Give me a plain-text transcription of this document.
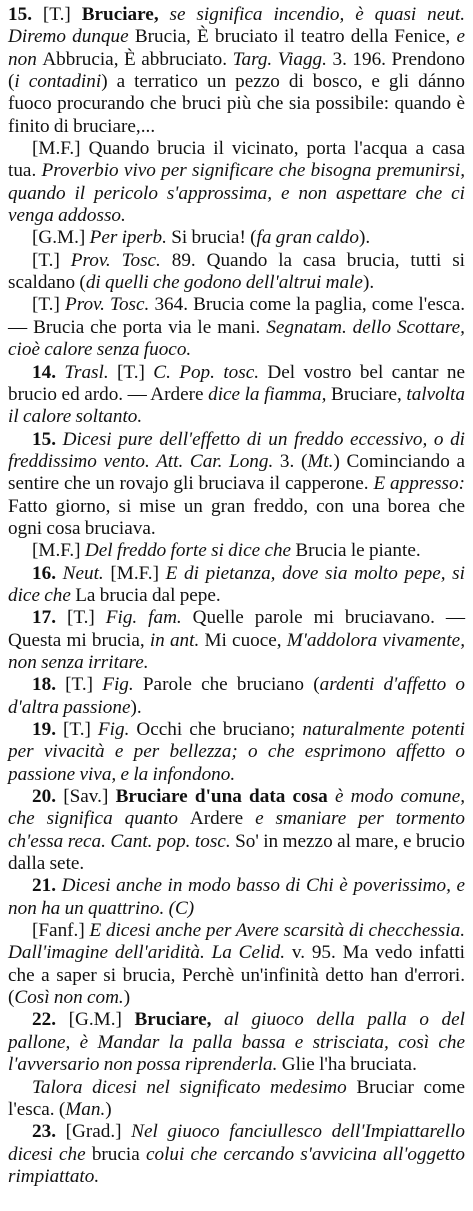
15. [T.] Bruciare, se significa incendio, è quasi neut. Diremo dunque Brucia, È bruciato il teatro della Fenice, e non Abbrucia, È abbruciato. Targ. Viagg. 3. 196. Prendono (i contadini) a terratico un pezzo di bosco, e gli dánno fuoco procurando che bruci più che sia possibile: quando è finito di bruciare,...

[M.F.] Quando brucia il vicinato, porta l'acqua a casa tua. Proverbio vivo per significare che bisogna premunirsi, quando il pericolo s'approssima, e non aspettare che ci venga addosso.

[G.M.] Per iperb. Si brucia! (fa gran caldo).

[T.] Prov. Tosc. 89. Quando la casa brucia, tutti si scaldano (di quelli che godono dell'altrui male).

[T.] Prov. Tosc. 364. Brucia come la paglia, come l'esca. — Brucia che porta via le mani. Segnatam. dello Scottare, cioè calore senza fuoco.

14. Trasl. [T.] C. Pop. tosc. Del vostro bel cantar ne brucio ed ardo. — Ardere dice la fiamma, Bruciare, talvolta il calore soltanto.

15. Dicesi pure dell'effetto di un freddo eccessivo, o di freddissimo vento. Att. Car. Long. 3. (Mt.) Cominciando a sentire che un rovajo gli bruciava il capperone. E appresso: Fatto giorno, si mise un gran freddo, con una borea che ogni cosa bruciava.

[M.F.] Del freddo forte si dice che Brucia le piante.

16. Neut. [M.F.] E di pietanza, dove sia molto pepe, si dice che La brucia dal pepe.

17. [T.] Fig. fam. Quelle parole mi bruciavano. — Questa mi brucia, in ant. Mi cuoce, M'addolora vivamente, non senza irritare.

18. [T.] Fig. Parole che bruciano (ardenti d'affetto o d'altra passione).

19. [T.] Fig. Occhi che bruciano; naturalmente potenti per vivacità e per bellezza; o che esprimono affetto o passione viva, e la infondono.

20. [Sav.] Bruciare d'una data cosa è modo comune, che significa quanto Ardere e smaniare per tormento ch'essa reca. Cant. pop. tosc. So' in mezzo al mare, e brucio dalla sete.

21. Dicesi anche in modo basso di Chi è poverissimo, e non ha un quattrino. (C)

[Fanf.] E dicesi anche per Avere scarsità di checchessia. Dall'imagine dell'aridità. La Celid. v. 95. Ma vedo infatti che a saper si brucia, Perchè un'infinità detto han d'errori. (Così non com.)

22. [G.M.] Bruciare, al giuoco della palla o del pallone, è Mandar la palla bassa e strisciata, così che l'avversario non possa riprenderla. Glie l'ha bruciata.

Talora dicesi nel significato medesimo Bruciar come l'esca. (Man.)

23. [Grad.] Nel giuoco fanciullesco dell'Impiattarello dicesi che brucia colui che cercando s'avvicina all'oggetto rimpiattato.
